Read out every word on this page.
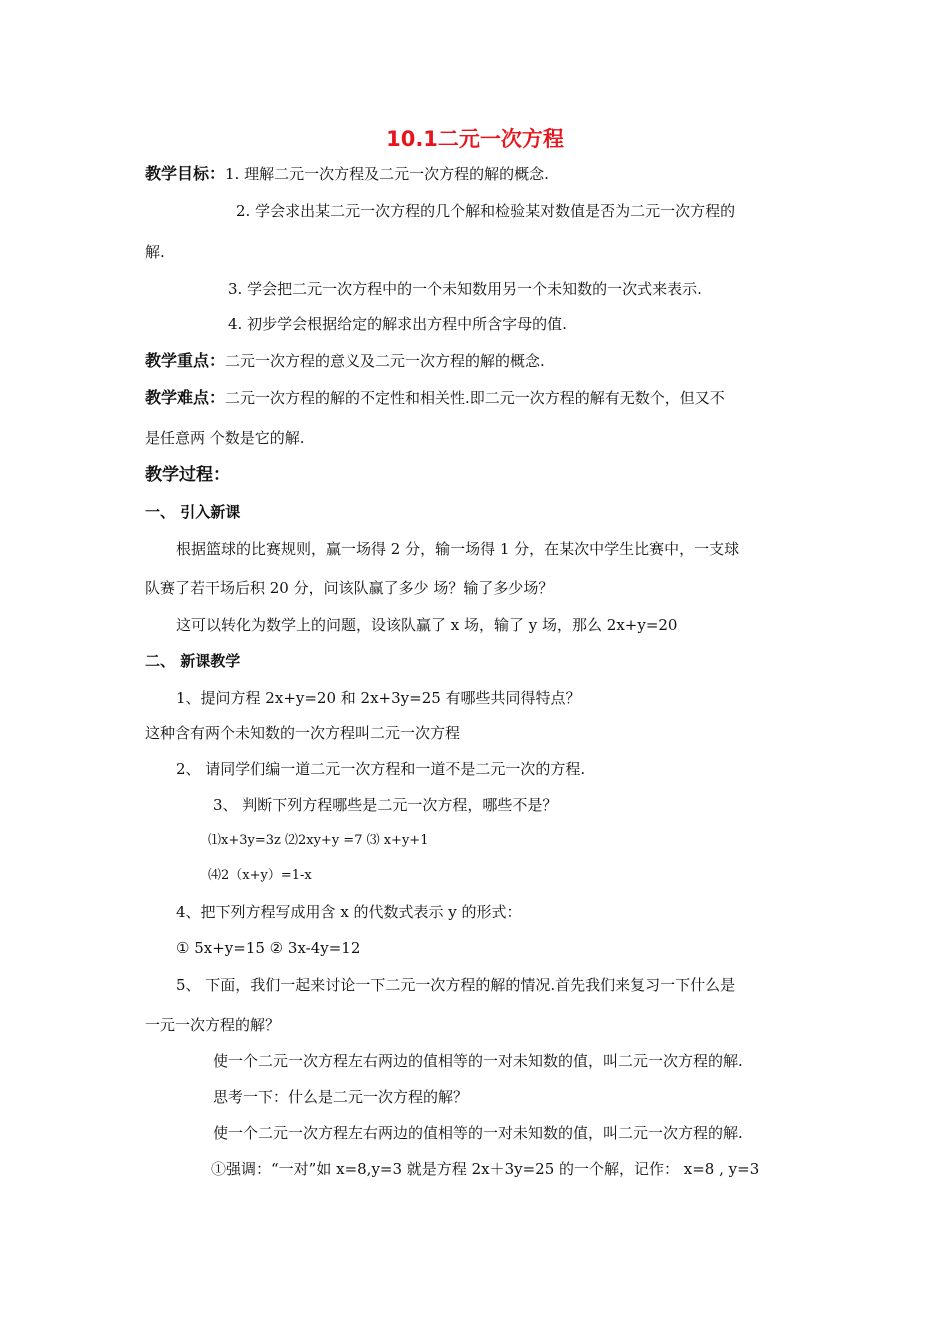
10.1二元一次方程
教学目标：1. 理解二元一次方程及二元一次方程的解的概念.
2. 学会求出某二元一次方程的几个解和检验某对数值是否为二元一次方程的
解.
3. 学会把二元一次方程中的一个未知数用另一个未知数的一次式来表示.
4. 初步学会根据给定的解求出方程中所含字母的值.
教学重点：二元一次方程的意义及二元一次方程的解的概念.
教学难点：二元一次方程的解的不定性和相关性.即二元一次方程的解有无数个，但又不
是任意两 个数是它的解.
教学过程：
一、 引入新课
根据篮球的比赛规则，赢一场得 2 分，输一场得 1 分，在某次中学生比赛中，一支球
队赛了若干场后积 20 分，问该队赢了多少 场？输了多少场？
这可以转化为数学上的问题，设该队赢了 x 场，输了 y 场，那么 2x+y=20
二、 新课教学
1、提问方程 2x+y=20 和 2x+3y=25 有哪些共同得特点？
这种含有两个未知数的一次方程叫二元一次方程
2、 请同学们编一道二元一次方程和一道不是二元一次的方程.
3、 判断下列方程哪些是二元一次方程，哪些不是？
⑴x+3y=3z ⑵2xy+y =7 ⑶ x+y+1
⑷2（x+y）=1-x
4、把下列方程写成用含 x 的代数式表示 y 的形式：
① 5x+y=15 ② 3x-4y=12
5、 下面，我们一起来讨论一下二元一次方程的解的情况.首先我们来复习一下什么是
一元一次方程的解？
使一个二元一次方程左右两边的值相等的一对未知数的值，叫二元一次方程的解.
思考一下：什么是二元一次方程的解？
使一个二元一次方程左右两边的值相等的一对未知数的值，叫二元一次方程的解.
①强调：“一对”如 x=8,y=3 就是方程 2x＋3y=25 的一个解，记作： x=8 , y=3
